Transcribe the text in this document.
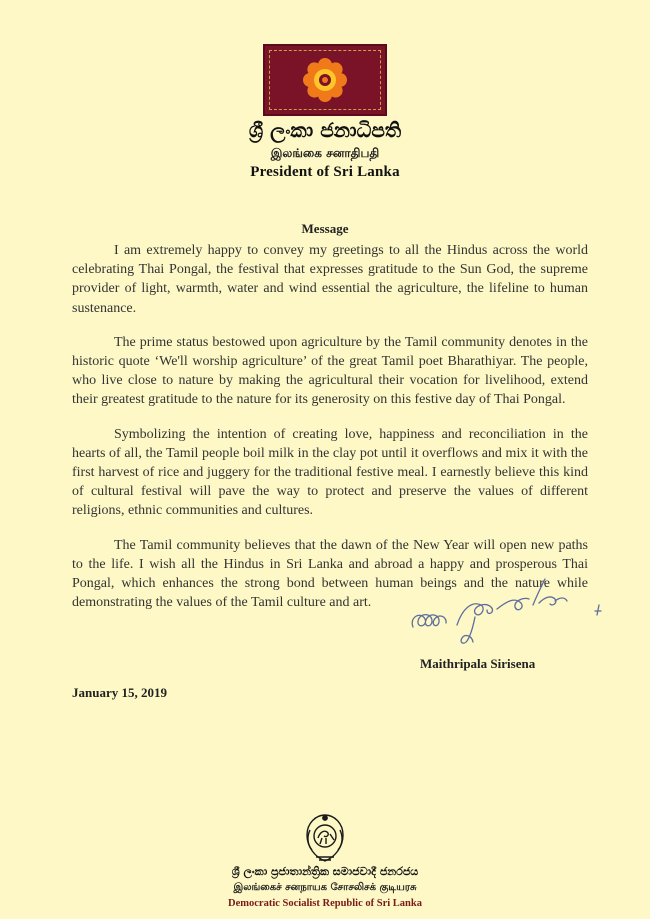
ශ්‍රී ලංකා ජනාධිපති
இலங்கை சனாதிபதி
President of Sri Lanka
Message

I am extremely happy to convey my greetings to all the Hindus across the world celebrating Thai Pongal, the festival that expresses gratitude to the Sun God, the supreme provider of light, warmth, water and wind essential the agriculture, the lifeline to human sustenance.

The prime status bestowed upon agriculture by the Tamil community denotes in the historic quote ‘We'll worship agriculture’ of the great Tamil poet Bharathiyar. The people, who live close to nature by making the agricultural their vocation for livelihood, extend their greatest gratitude to the nature for its generosity on this festive day of Thai Pongal.

Symbolizing the intention of creating love, happiness and reconciliation in the hearts of all, the Tamil people boil milk in the clay pot until it overflows and mix it with the first harvest of rice and juggery for the traditional festive meal. I earnestly believe this kind of cultural festival will pave the way to protect and preserve the values of different religions, ethnic communities and cultures.

The Tamil community believes that the dawn of the New Year will open new paths to the life. I wish all the Hindus in Sri Lanka and abroad a happy and prosperous Thai Pongal, which enhances the strong bond between human beings and the nature while demonstrating the values of the Tamil culture and art.

Maithripala Sirisena
January 15, 2019
ශ්‍රී ලංකා ප්‍රජාතාන්ත්‍රික සමාජවාදී ජනරජය
இலங்கைச் சனநாயக சோசலிசக் குடியரசு
Democratic Socialist Republic of Sri Lanka
